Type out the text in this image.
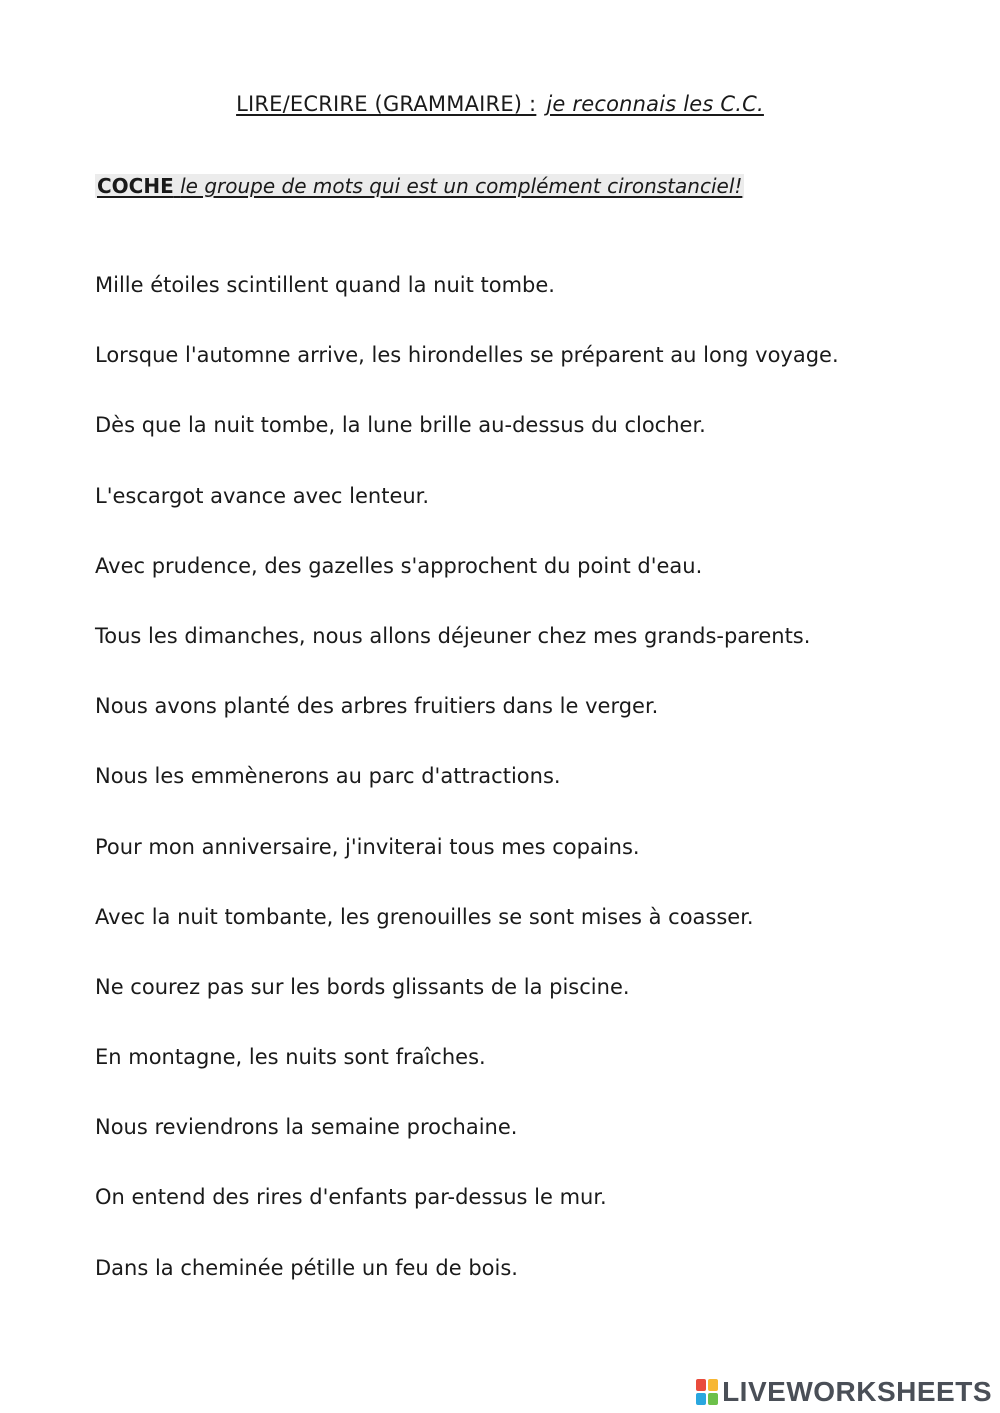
LIRE/ECRIRE (GRAMMAIRE) : je reconnais les C.C.
COCHE le groupe de mots qui est un complément cironstanciel!
Mille étoiles scintillent quand la nuit tombe.
Lorsque l'automne arrive, les hirondelles se préparent au long voyage.
Dès que la nuit tombe, la lune brille au-dessus du clocher.
L'escargot avance avec lenteur.
Avec prudence, des gazelles s'approchent du point d'eau.
Tous les dimanches, nous allons déjeuner chez mes grands-parents.
Nous avons planté des arbres fruitiers dans le verger.
Nous les emmènerons au parc d'attractions.
Pour mon anniversaire, j'inviterai tous mes copains.
Avec la nuit tombante, les grenouilles se sont mises à coasser.
Ne courez pas sur les bords glissants de la piscine.
En montagne, les nuits sont fraîches.
Nous reviendrons la semaine prochaine.
On entend des rires d'enfants par-dessus le mur.
Dans la cheminée pétille un feu de bois.
LIVEWORKSHEETS
